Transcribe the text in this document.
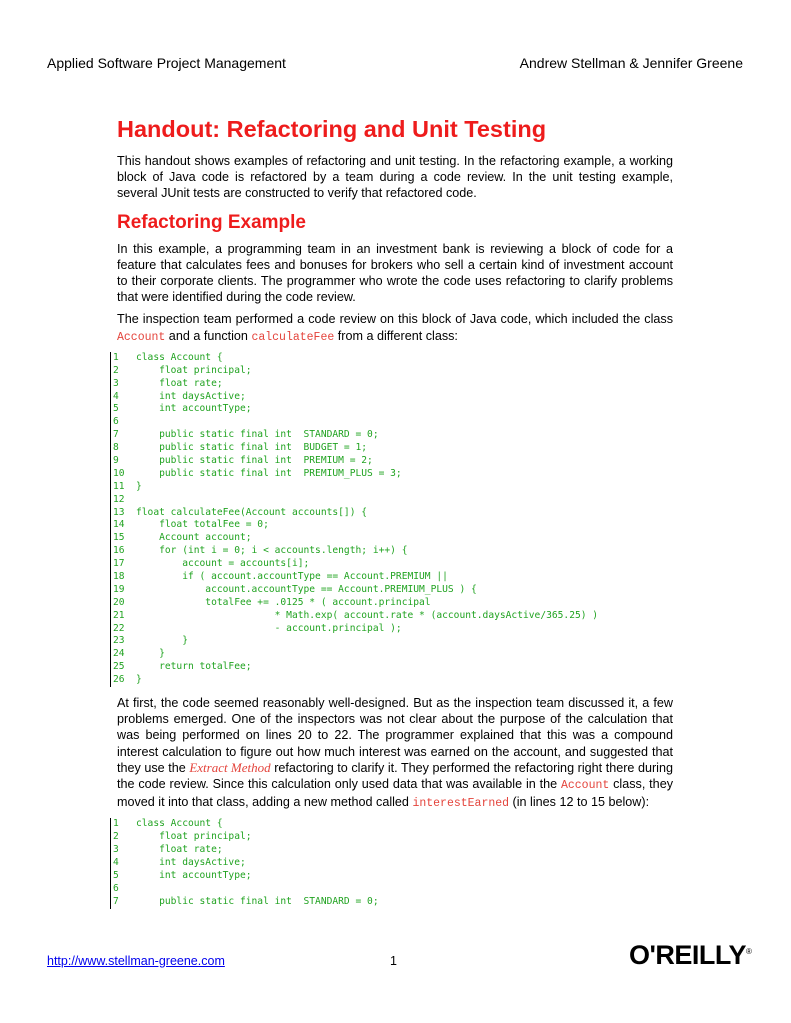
Applied Software Project Management	Andrew Stellman & Jennifer Greene
Handout: Refactoring and Unit Testing

This handout shows examples of refactoring and unit testing. In the refactoring example, a working block of Java code is refactored by a team during a code review. In the unit testing example, several JUnit tests are constructed to verify that refactored code.

Refactoring Example

In this example, a programming team in an investment bank is reviewing a block of code for a feature that calculates fees and bonuses for brokers who sell a certain kind of investment account to their corporate clients. The programmer who wrote the code uses refactoring to clarify problems that were identified during the code review.

The inspection team performed a code review on this block of Java code, which included the class Account and a function calculateFee from a different class:

1	class Account {
2	float principal;
3	float rate;
4	int daysActive;
5	int accountType;
6
7	public static final int  STANDARD = 0;
8	public static final int  BUDGET = 1;
9	public static final int  PREMIUM = 2;
10	public static final int  PREMIUM_PLUS = 3;
11	}
12
13	float calculateFee(Account accounts[]) {
14	float totalFee = 0;
15	Account account;
16	for (int i = 0; i < accounts.length; i++) {
17	account = accounts[i];
18	if ( account.accountType == Account.PREMIUM ||
19	account.accountType == Account.PREMIUM_PLUS ) {
20	totalFee += .0125 * ( account.principal
21	* Math.exp( account.rate * (account.daysActive/365.25) )
22	- account.principal );
23	}
24	}
25	return totalFee;
26	}

At first, the code seemed reasonably well-designed. But as the inspection team discussed it, a few problems emerged. One of the inspectors was not clear about the purpose of the calculation that was being performed on lines 20 to 22. The programmer explained that this was a compound interest calculation to figure out how much interest was earned on the account, and suggested that they use the Extract Method refactoring to clarify it. They performed the refactoring right there during the code review. Since this calculation only used data that was available in the Account class, they moved it into that class, adding a new method called interestEarned (in lines 12 to 15 below):

1	class Account {
2	float principal;
3	float rate;
4	int daysActive;
5	int accountType;
6
7	public static final int  STANDARD = 0;
http://www.stellman-greene.com	1	O'REILLY®
